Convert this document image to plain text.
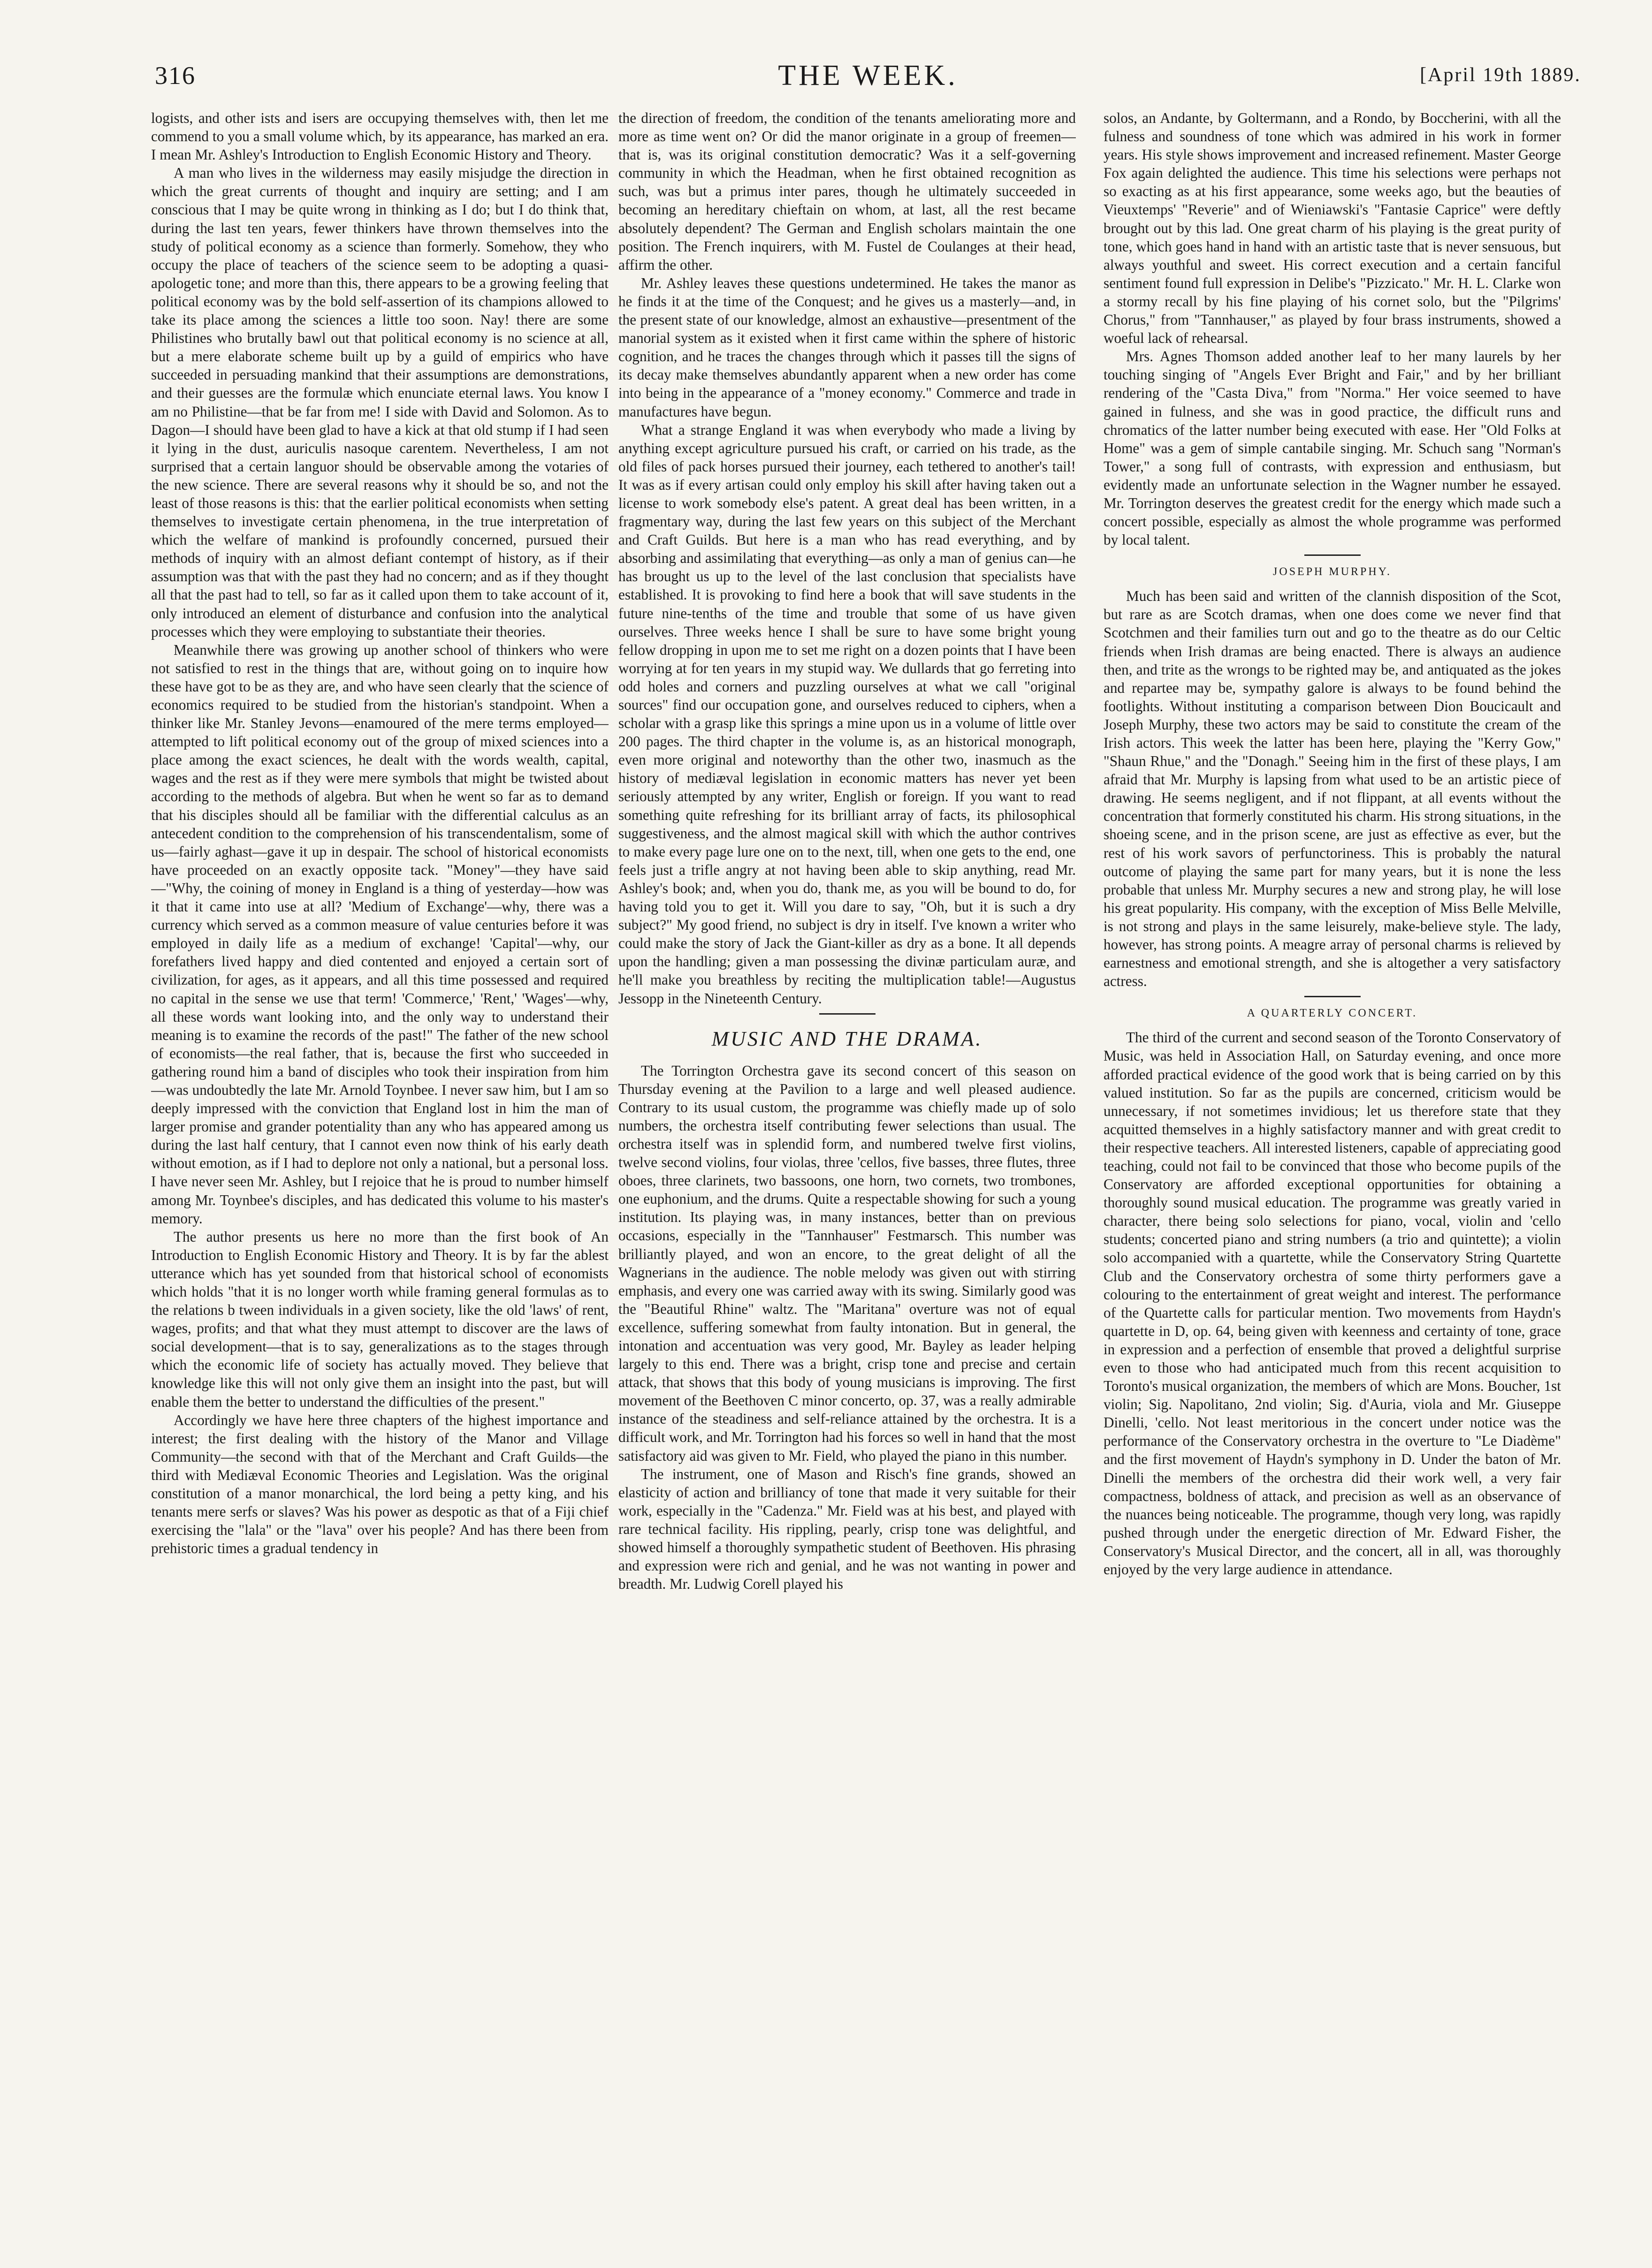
316	THE WEEK.	[April 19th 1889.

logists, and other ists and isers are occupying themselves with, then let me commend to you a small volume which, by its appearance, has marked an era. I mean Mr. Ashley's Introduction to English Economic History and Theory.

A man who lives in the wilderness may easily misjudge the direction in which the great currents of thought and inquiry are setting; and I am conscious that I may be quite wrong in thinking as I do; but I do think that, during the last ten years, fewer thinkers have thrown themselves into the study of political economy as a science than formerly. Somehow, they who occupy the place of teachers of the science seem to be adopting a quasi-apologetic tone; and more than this, there appears to be a growing feeling that political economy was by the bold self-assertion of its champions allowed to take its place among the sciences a little too soon. Nay! there are some Philistines who brutally bawl out that political economy is no science at all, but a mere elaborate scheme built up by a guild of empirics who have succeeded in persuading mankind that their assumptions are demonstrations, and their guesses are the formulæ which enunciate eternal laws. You know I am no Philistine—that be far from me! I side with David and Solomon. As to Dagon—I should have been glad to have a kick at that old stump if I had seen it lying in the dust, auriculis nasoque carentem. Nevertheless, I am not surprised that a certain languor should be observable among the votaries of the new science. There are several reasons why it should be so, and not the least of those reasons is this: that the earlier political economists when setting themselves to investigate certain phenomena, in the true interpretation of which the welfare of mankind is profoundly concerned, pursued their methods of inquiry with an almost defiant contempt of history, as if their assumption was that with the past they had no concern; and as if they thought all that the past had to tell, so far as it called upon them to take account of it, only introduced an element of disturbance and confusion into the analytical processes which they were employing to substantiate their theories.

Meanwhile there was growing up another school of thinkers who were not satisfied to rest in the things that are, without going on to inquire how these have got to be as they are, and who have seen clearly that the science of economics required to be studied from the historian's standpoint. When a thinker like Mr. Stanley Jevons—enamoured of the mere terms employed—attempted to lift political economy out of the group of mixed sciences into a place among the exact sciences, he dealt with the words wealth, capital, wages and the rest as if they were mere symbols that might be twisted about according to the methods of algebra. But when he went so far as to demand that his disciples should all be familiar with the differential calculus as an antecedent condition to the comprehension of his transcendentalism, some of us—fairly aghast—gave it up in despair. The school of historical economists have proceeded on an exactly opposite tack. "Money"—they have said—"Why, the coining of money in England is a thing of yesterday—how was it that it came into use at all? 'Medium of Exchange'—why, there was a currency which served as a common measure of value centuries before it was employed in daily life as a medium of exchange! 'Capital'—why, our forefathers lived happy and died contented and enjoyed a certain sort of civilization, for ages, as it appears, and all this time possessed and required no capital in the sense we use that term! 'Commerce,' 'Rent,' 'Wages'—why, all these words want looking into, and the only way to understand their meaning is to examine the records of the past!" The father of the new school of economists—the real father, that is, because the first who succeeded in gathering round him a band of disciples who took their inspiration from him—was undoubtedly the late Mr. Arnold Toynbee. I never saw him, but I am so deeply impressed with the conviction that England lost in him the man of larger promise and grander potentiality than any who has appeared among us during the last half century, that I cannot even now think of his early death without emotion, as if I had to deplore not only a national, but a personal loss. I have never seen Mr. Ashley, but I rejoice that he is proud to number himself among Mr. Toynbee's disciples, and has dedicated this volume to his master's memory.

The author presents us here no more than the first book of An Introduction to English Economic History and Theory. It is by far the ablest utterance which has yet sounded from that historical school of economists which holds "that it is no longer worth while framing general formulas as to the relations b tween individuals in a given society, like the old 'laws' of rent, wages, profits; and that what they must attempt to discover are the laws of social development—that is to say, generalizations as to the stages through which the economic life of society has actually moved. They believe that knowledge like this will not only give them an insight into the past, but will enable them the better to understand the difficulties of the present."

Accordingly we have here three chapters of the highest importance and interest; the first dealing with the history of the Manor and Village Community—the second with that of the Merchant and Craft Guilds—the third with Mediæval Economic Theories and Legislation. Was the original constitution of a manor monarchical, the lord being a petty king, and his tenants mere serfs or slaves? Was his power as despotic as that of a Fiji chief exercising the "lala" or the "lava" over his people? And has there been from prehistoric times a gradual tendency in

the direction of freedom, the condition of the tenants ameliorating more and more as time went on? Or did the manor originate in a group of freemen—that is, was its original constitution democratic? Was it a self-governing community in which the Headman, when he first obtained recognition as such, was but a primus inter pares, though he ultimately succeeded in becoming an hereditary chieftain on whom, at last, all the rest became absolutely dependent? The German and English scholars maintain the one position. The French inquirers, with M. Fustel de Coulanges at their head, affirm the other.

Mr. Ashley leaves these questions undetermined. He takes the manor as he finds it at the time of the Conquest; and he gives us a masterly—and, in the present state of our knowledge, almost an exhaustive—presentment of the manorial system as it existed when it first came within the sphere of historic cognition, and he traces the changes through which it passes till the signs of its decay make themselves abundantly apparent when a new order has come into being in the appearance of a "money economy." Commerce and trade in manufactures have begun.

What a strange England it was when everybody who made a living by anything except agriculture pursued his craft, or carried on his trade, as the old files of pack horses pursued their journey, each tethered to another's tail! It was as if every artisan could only employ his skill after having taken out a license to work somebody else's patent. A great deal has been written, in a fragmentary way, during the last few years on this subject of the Merchant and Craft Guilds. But here is a man who has read everything, and by absorbing and assimilating that everything—as only a man of genius can—he has brought us up to the level of the last conclusion that specialists have established. It is provoking to find here a book that will save students in the future nine-tenths of the time and trouble that some of us have given ourselves. Three weeks hence I shall be sure to have some bright young fellow dropping in upon me to set me right on a dozen points that I have been worrying at for ten years in my stupid way. We dullards that go ferreting into odd holes and corners and puzzling ourselves at what we call "original sources" find our occupation gone, and ourselves reduced to ciphers, when a scholar with a grasp like this springs a mine upon us in a volume of little over 200 pages. The third chapter in the volume is, as an historical monograph, even more original and noteworthy than the other two, inasmuch as the history of mediæval legislation in economic matters has never yet been seriously attempted by any writer, English or foreign. If you want to read something quite refreshing for its brilliant array of facts, its philosophical suggestiveness, and the almost magical skill with which the author contrives to make every page lure one on to the next, till, when one gets to the end, one feels just a trifle angry at not having been able to skip anything, read Mr. Ashley's book; and, when you do, thank me, as you will be bound to do, for having told you to get it. Will you dare to say, "Oh, but it is such a dry subject?" My good friend, no subject is dry in itself. I've known a writer who could make the story of Jack the Giant-killer as dry as a bone. It all depends upon the handling; given a man possessing the divinæ particulam auræ, and he'll make you breathless by reciting the multiplication table!—Augustus Jessopp in the Nineteenth Century.

MUSIC AND THE DRAMA.

The Torrington Orchestra gave its second concert of this season on Thursday evening at the Pavilion to a large and well pleased audience. Contrary to its usual custom, the programme was chiefly made up of solo numbers, the orchestra itself contributing fewer selections than usual. The orchestra itself was in splendid form, and numbered twelve first violins, twelve second violins, four violas, three 'cellos, five basses, three flutes, three oboes, three clarinets, two bassoons, one horn, two cornets, two trombones, one euphonium, and the drums. Quite a respectable showing for such a young institution. Its playing was, in many instances, better than on previous occasions, especially in the "Tannhauser" Festmarsch. This number was brilliantly played, and won an encore, to the great delight of all the Wagnerians in the audience. The noble melody was given out with stirring emphasis, and every one was carried away with its swing. Similarly good was the "Beautiful Rhine" waltz. The "Maritana" overture was not of equal excellence, suffering somewhat from faulty intonation. But in general, the intonation and accentuation was very good, Mr. Bayley as leader helping largely to this end. There was a bright, crisp tone and precise and certain attack, that shows that this body of young musicians is improving. The first movement of the Beethoven C minor concerto, op. 37, was a really admirable instance of the steadiness and self-reliance attained by the orchestra. It is a difficult work, and Mr. Torrington had his forces so well in hand that the most satisfactory aid was given to Mr. Field, who played the piano in this number.

The instrument, one of Mason and Risch's fine grands, showed an elasticity of action and brilliancy of tone that made it very suitable for their work, especially in the "Cadenza." Mr. Field was at his best, and played with rare technical facility. His rippling, pearly, crisp tone was delightful, and showed himself a thoroughly sympathetic student of Beethoven. His phrasing and expression were rich and genial, and he was not wanting in power and breadth. Mr. Ludwig Corell played his

solos, an Andante, by Goltermann, and a Rondo, by Boccherini, with all the fulness and soundness of tone which was admired in his work in former years. His style shows improvement and increased refinement. Master George Fox again delighted the audience. This time his selections were perhaps not so exacting as at his first appearance, some weeks ago, but the beauties of Vieuxtemps' "Reverie" and of Wieniawski's "Fantasie Caprice" were deftly brought out by this lad. One great charm of his playing is the great purity of tone, which goes hand in hand with an artistic taste that is never sensuous, but always youthful and sweet. His correct execution and a certain fanciful sentiment found full expression in Delibe's "Pizzicato." Mr. H. L. Clarke won a stormy recall by his fine playing of his cornet solo, but the "Pilgrims' Chorus," from "Tannhauser," as played by four brass instruments, showed a woeful lack of rehearsal.

Mrs. Agnes Thomson added another leaf to her many laurels by her touching singing of "Angels Ever Bright and Fair," and by her brilliant rendering of the "Casta Diva," from "Norma." Her voice seemed to have gained in fulness, and she was in good practice, the difficult runs and chromatics of the latter number being executed with ease. Her "Old Folks at Home" was a gem of simple cantabile singing. Mr. Schuch sang "Norman's Tower," a song full of contrasts, with expression and enthusiasm, but evidently made an unfortunate selection in the Wagner number he essayed. Mr. Torrington deserves the greatest credit for the energy which made such a concert possible, especially as almost the whole programme was performed by local talent.

JOSEPH MURPHY.

Much has been said and written of the clannish disposition of the Scot, but rare as are Scotch dramas, when one does come we never find that Scotchmen and their families turn out and go to the theatre as do our Celtic friends when Irish dramas are being enacted. There is always an audience then, and trite as the wrongs to be righted may be, and antiquated as the jokes and repartee may be, sympathy galore is always to be found behind the footlights. Without instituting a comparison between Dion Boucicault and Joseph Murphy, these two actors may be said to constitute the cream of the Irish actors. This week the latter has been here, playing the "Kerry Gow," "Shaun Rhue," and the "Donagh." Seeing him in the first of these plays, I am afraid that Mr. Murphy is lapsing from what used to be an artistic piece of drawing. He seems negligent, and if not flippant, at all events without the concentration that formerly constituted his charm. His strong situations, in the shoeing scene, and in the prison scene, are just as effective as ever, but the rest of his work savors of perfunctoriness. This is probably the natural outcome of playing the same part for many years, but it is none the less probable that unless Mr. Murphy secures a new and strong play, he will lose his great popularity. His company, with the exception of Miss Belle Melville, is not strong and plays in the same leisurely, make-believe style. The lady, however, has strong points. A meagre array of personal charms is relieved by earnestness and emotional strength, and she is altogether a very satisfactory actress.

A QUARTERLY CONCERT.

The third of the current and second season of the Toronto Conservatory of Music, was held in Association Hall, on Saturday evening, and once more afforded practical evidence of the good work that is being carried on by this valued institution. So far as the pupils are concerned, criticism would be unnecessary, if not sometimes invidious; let us therefore state that they acquitted themselves in a highly satisfactory manner and with great credit to their respective teachers. All interested listeners, capable of appreciating good teaching, could not fail to be convinced that those who become pupils of the Conservatory are afforded exceptional opportunities for obtaining a thoroughly sound musical education. The programme was greatly varied in character, there being solo selections for piano, vocal, violin and 'cello students; concerted piano and string numbers (a trio and quintette); a violin solo accompanied with a quartette, while the Conservatory String Quartette Club and the Conservatory orchestra of some thirty performers gave a colouring to the entertainment of great weight and interest. The performance of the Quartette calls for particular mention. Two movements from Haydn's quartette in D, op. 64, being given with keenness and certainty of tone, grace in expression and a perfection of ensemble that proved a delightful surprise even to those who had anticipated much from this recent acquisition to Toronto's musical organization, the members of which are Mons. Boucher, 1st violin; Sig. Napolitano, 2nd violin; Sig. d'Auria, viola and Mr. Giuseppe Dinelli, 'cello. Not least meritorious in the concert under notice was the performance of the Conservatory orchestra in the overture to "Le Diadème" and the first movement of Haydn's symphony in D. Under the baton of Mr. Dinelli the members of the orchestra did their work well, a very fair compactness, boldness of attack, and precision as well as an observance of the nuances being noticeable. The programme, though very long, was rapidly pushed through under the energetic direction of Mr. Edward Fisher, the Conservatory's Musical Director, and the concert, all in all, was thoroughly enjoyed by the very large audience in attendance.
